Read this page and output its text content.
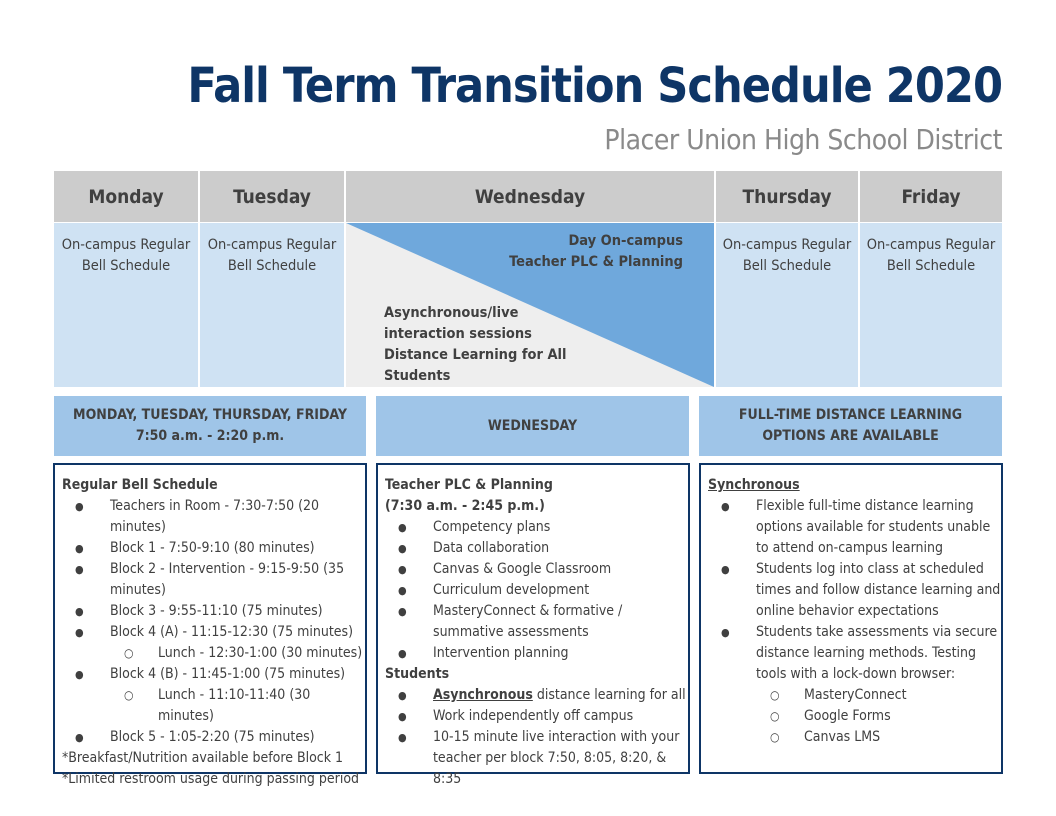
Fall Term Transition Schedule 2020
Placer Union High School District
Monday
On-campus Regular
Bell Schedule
Tuesday
On-campus Regular
Bell Schedule
Wednesday
Day On-campus
Teacher PLC & Planning
Asynchronous/live
interaction sessions
Distance Learning for All
Students
Thursday
On-campus Regular
Bell Schedule
Friday
On-campus Regular
Bell Schedule
MONDAY, TUESDAY, THURSDAY, FRIDAY
7:50 a.m. - 2:20 p.m.
WEDNESDAY
FULL-TIME DISTANCE LEARNING
OPTIONS ARE AVAILABLE
Regular Bell Schedule
● Teachers in Room - 7:30-7:50 (20 minutes)
● Block 1 - 7:50-9:10 (80 minutes)
● Block 2 - Intervention - 9:15-9:50 (35 minutes)
● Block 3 - 9:55-11:10 (75 minutes)
● Block 4 (A) - 11:15-12:30 (75 minutes)
○ Lunch - 12:30-1:00 (30 minutes)
● Block 4 (B) - 11:45-1:00 (75 minutes)
○ Lunch - 11:10-11:40 (30 minutes)
● Block 5 - 1:05-2:20 (75 minutes)
*Breakfast/Nutrition available before Block 1
*Limited restroom usage during passing period
Teacher PLC & Planning
(7:30 a.m. - 2:45 p.m.)
● Competency plans
● Data collaboration
● Canvas & Google Classroom
● Curriculum development
● MasteryConnect & formative / summative assessments
● Intervention planning
Students
● Asynchronous distance learning for all
● Work independently off campus
● 10-15 minute live interaction with your teacher per block 7:50, 8:05, 8:20, & 8:35
Synchronous
● Flexible full-time distance learning options available for students unable to attend on-campus learning
● Students log into class at scheduled times and follow distance learning and online behavior expectations
● Students take assessments via secure distance learning methods. Testing tools with a lock-down browser:
○ MasteryConnect
○ Google Forms
○ Canvas LMS
